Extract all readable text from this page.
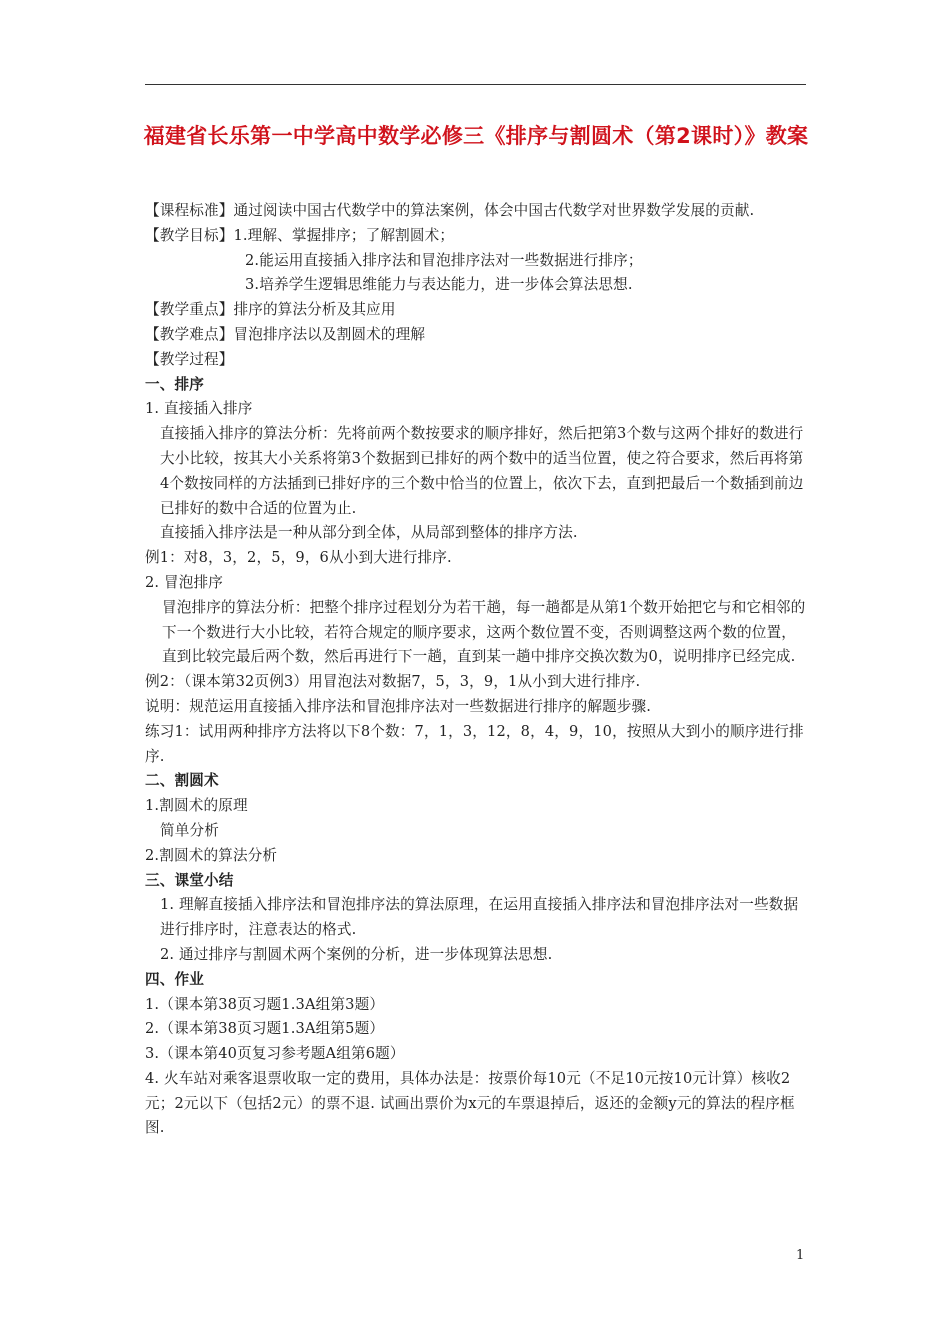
福建省长乐第一中学高中数学必修三《排序与割圆术（第2课时）》教案

【课程标准】通过阅读中国古代数学中的算法案例，体会中国古代数学对世界数学发展的贡献.

【教学目标】1.理解、掌握排序；了解割圆术；

2.能运用直接插入排序法和冒泡排序法对一些数据进行排序；

3.培养学生逻辑思维能力与表达能力，进一步体会算法思想.

【教学重点】排序的算法分析及其应用

【教学难点】冒泡排序法以及割圆术的理解

【教学过程】

一、排序

1. 直接插入排序

直接插入排序的算法分析：先将前两个数按要求的顺序排好，然后把第3个数与这两个排好的数进行大小比较，按其大小关系将第3个数据到已排好的两个数中的适当位置，使之符合要求，然后再将第4个数按同样的方法插到已排好序的三个数中恰当的位置上，依次下去，直到把最后一个数插到前边已排好的数中合适的位置为止.

直接插入排序法是一种从部分到全体，从局部到整体的排序方法.

例1：对8，3，2，5，9，6从小到大进行排序.

2. 冒泡排序

冒泡排序的算法分析：把整个排序过程划分为若干趟，每一趟都是从第1个数开始把它与和它相邻的下一个数进行大小比较，若符合规定的顺序要求，这两个数位置不变，否则调整这两个数的位置，直到比较完最后两个数，然后再进行下一趟，直到某一趟中排序交换次数为0，说明排序已经完成.

例2：（课本第32页例3）用冒泡法对数据7，5，3，9，1从小到大进行排序.

说明：规范运用直接插入排序法和冒泡排序法对一些数据进行排序的解题步骤.

练习1：试用两种排序方法将以下8个数：7，1，3，12，8，4，9，10，按照从大到小的顺序进行排序.

二、割圆术

1.割圆术的原理

简单分析

2.割圆术的算法分析

三、课堂小结

1. 理解直接插入排序法和冒泡排序法的算法原理，在运用直接插入排序法和冒泡排序法对一些数据进行排序时，注意表达的格式.

2. 通过排序与割圆术两个案例的分析，进一步体现算法思想.

四、作业

1.（课本第38页习题1.3A组第3题）

2.（课本第38页习题1.3A组第5题）

3.（课本第40页复习参考题A组第6题）

4. 火车站对乘客退票收取一定的费用，具体办法是：按票价每10元（不足10元按10元计算）核收2元；2元以下（包括2元）的票不退. 试画出票价为x元的车票退掉后，返还的金额y元的算法的程序框图.

1
